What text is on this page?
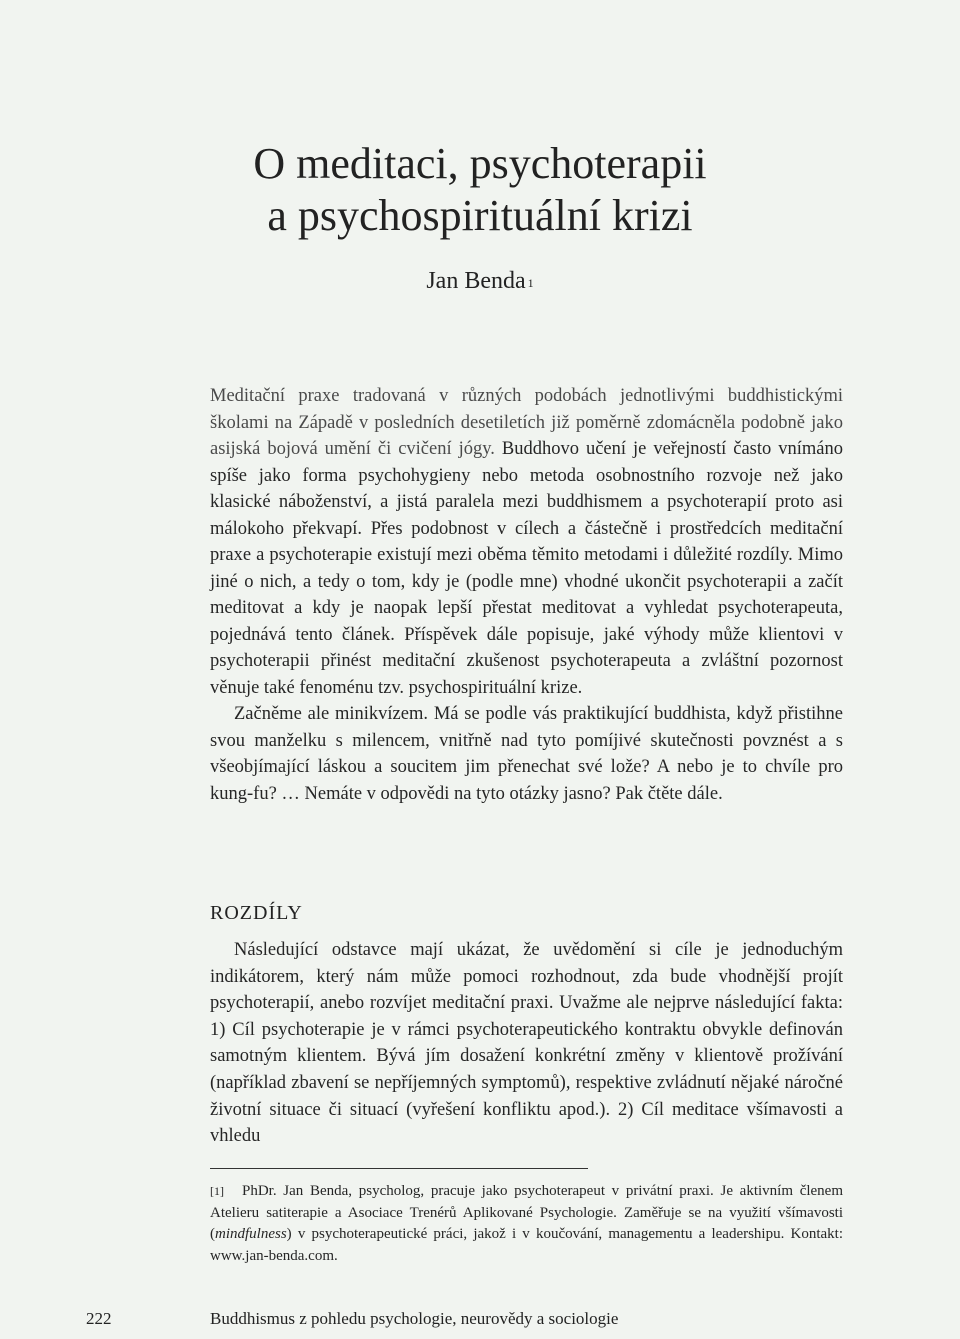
O meditaci, psychoterapii
a psychospirituální krizi
Jan Benda $^1$

Meditační praxe tradovaná v různých podobách jednotlivými buddhistickými školami na Západě v posledních desetiletích již poměrně zdomácněla podobně jako asijská bojová umění či cvičení jógy. Buddhovo učení je veřejností často vnímáno spíše jako forma psychohygieny nebo metoda osobnostního rozvoje než jako klasické náboženství, a jistá paralela mezi buddhismem a psychoterapií proto asi málokoho překvapí. Přes podobnost v cílech a částečně i prostředcích meditační praxe a psychoterapie existují mezi oběma těmito metodami i důležité rozdíly. Mimo jiné o nich, a tedy o tom, kdy je (podle mne) vhodné ukončit psychoterapii a začít meditovat a kdy je naopak lepší přestat meditovat a vyhledat psychoterapeuta, pojednává tento článek. Příspěvek dále popisuje, jaké výhody může klientovi v psychoterapii přinést meditační zkušenost psychoterapeuta a zvláštní pozornost věnuje také fenoménu tzv. psychospirituální krize.

Začněme ale minikvízem. Má se podle vás praktikující buddhista, když přistihne svou manželku s milencem, vnitřně nad tyto pomíjivé skutečnosti povznést a s všeobjímající láskou a soucitem jim přenechat své lože? A nebo je to chvíle pro kung-fu? … Nemáte v odpovědi na tyto otázky jasno? Pak čtěte dále.

ROZDÍLY

Následující odstavce mají ukázat, že uvědomění si cíle je jednoduchým indikátorem, který nám může pomoci rozhodnout, zda bude vhodnější projít psychoterapií, anebo rozvíjet meditační praxi. Uvažme ale nejprve následující fakta: 1) Cíl psychoterapie je v rámci psychoterapeutického kontraktu obvykle definován samotným klientem. Bývá jím dosažení konkrétní změny v klientově prožívání (například zbavení se nepříjemných symptomů), respektive zvládnutí nějaké náročné životní situace či situací (vyřešení konfliktu apod.). 2) Cíl meditace všímavosti a vhledu

[1] PhDr. Jan Benda, psycholog, pracuje jako psychoterapeut v privátní praxi. Je aktivním členem Atelieru satiterapie a Asociace Trenérů Aplikované Psychologie. Zaměřuje se na využití všímavosti (mindfulness) v psychoterapeutické práci, jakož i v koučování, managementu a leadershipu. Kontakt: www.jan-benda.com.

222	Buddhismus z pohledu psychologie, neurovědy a sociologie
